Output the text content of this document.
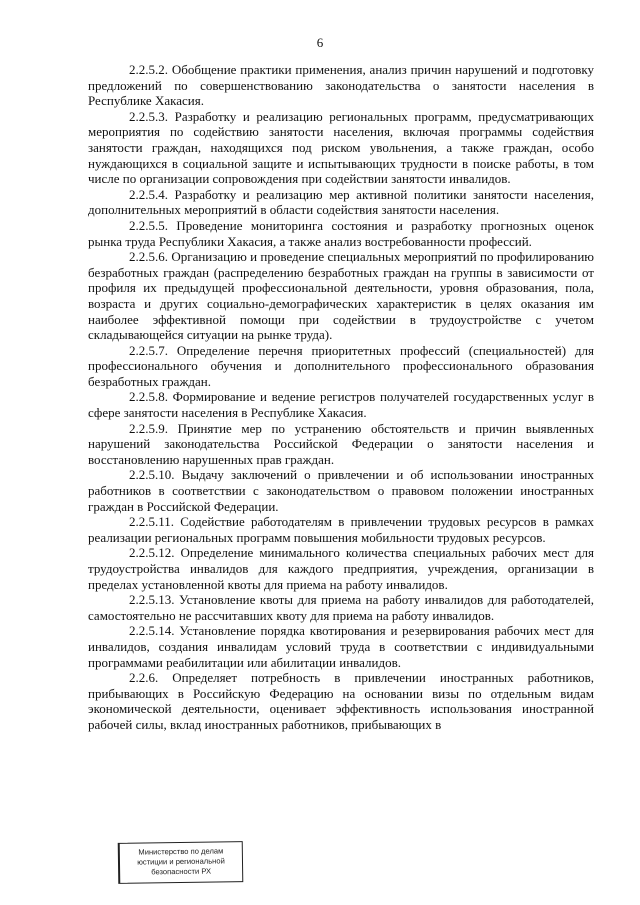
6

2.2.5.2. Обобщение практики применения, анализ причин нарушений и подготовку предложений по совершенствованию законодательства о занятости населения в Республике Хакасия.

2.2.5.3. Разработку и реализацию региональных программ, предусматривающих мероприятия по содействию занятости населения, включая программы содействия занятости граждан, находящихся под риском увольнения, а также граждан, особо нуждающихся в социальной защите и испытывающих трудности в поиске работы, в том числе по организации сопровождения при содействии занятости инвалидов.

2.2.5.4. Разработку и реализацию мер активной политики занятости населения, дополнительных мероприятий в области содействия занятости населения.

2.2.5.5. Проведение мониторинга состояния и разработку прогнозных оценок рынка труда Республики Хакасия, а также анализ востребованности профессий.

2.2.5.6. Организацию и проведение специальных мероприятий по профилированию безработных граждан (распределению безработных граждан на группы в зависимости от профиля их предыдущей профессиональной деятельности, уровня образования, пола, возраста и других социально-демографических характеристик в целях оказания им наиболее эффективной помощи при содействии в трудоустройстве с учетом складывающейся ситуации на рынке труда).

2.2.5.7. Определение перечня приоритетных профессий (специальностей) для профессионального обучения и дополнительного профессионального образования безработных граждан.

2.2.5.8. Формирование и ведение регистров получателей государственных услуг в сфере занятости населения в Республике Хакасия.

2.2.5.9. Принятие мер по устранению обстоятельств и причин выявленных нарушений законодательства Российской Федерации о занятости населения и восстановлению нарушенных прав граждан.

2.2.5.10. Выдачу заключений о привлечении и об использовании иностранных работников в соответствии с законодательством о правовом положении иностранных граждан в Российской Федерации.

2.2.5.11. Содействие работодателям в привлечении трудовых ресурсов в рамках реализации региональных программ повышения мобильности трудовых ресурсов.

2.2.5.12. Определение минимального количества специальных рабочих мест для трудоустройства инвалидов для каждого предприятия, учреждения, организации в пределах установленной квоты для приема на работу инвалидов.

2.2.5.13. Установление квоты для приема на работу инвалидов для работодателей, самостоятельно не рассчитавших квоту для приема на работу инвалидов.

2.2.5.14. Установление порядка квотирования и резервирования рабочих мест для инвалидов, создания инвалидам условий труда в соответствии с индивидуальными программами реабилитации или абилитации инвалидов.

2.2.6. Определяет потребность в привлечении иностранных работников, прибывающих в Российскую Федерацию на основании визы по отдельным видам экономической деятельности, оценивает эффективность использования иностранной рабочей силы, вклад иностранных работников, прибывающих в

Министерство по делам
юстиции и региональной
безопасности РХ
